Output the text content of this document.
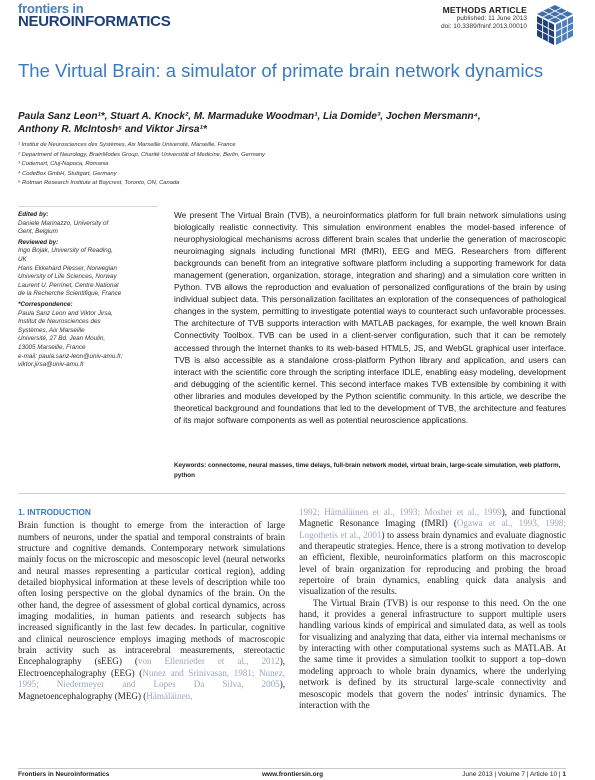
frontiers in
NEUROINFORMATICS
METHODS ARTICLE
published: 11 June 2013
doi: 10.3389/fninf.2013.00010
The Virtual Brain: a simulator of primate brain network dynamics
Paula Sanz Leon¹*, Stuart A. Knock², M. Marmaduke Woodman¹, Lia Domide³, Jochen Mersmann⁴,
Anthony R. McIntosh⁵ and Viktor Jirsa¹*
¹ Institut de Neurosciences des Systèmes, Aix Marseille Université, Marseille, France
² Department of Neurology, BrainModes Group, Charité Universität of Medicine, Berlin, Germany
³ Codemart, Cluj-Napoca, Romania
⁴ CodeBox GmbH, Stuttgart, Germany
⁵ Rotman Research Institute at Baycrest, Toronto, ON, Canada
Edited by:
Daniele Marinazzo, University of
Gent, Belgium
Reviewed by:
Ingo Bojak, University of Reading,
UK
Hans Ekkehard Plesser, Norwegian
University of Life Sciences, Norway
Laurent U. Perrinet, Centre National
de la Recherche Scientifique, France
*Correspondence:
Paula Sanz Leon and Viktor Jirsa,
Institut de Neurosciences des
Systèmes, Aix Marseille
Université, 27 Bd. Jean Moulin,
13005 Marseille, France
e-mail: paula.sanz-leon@univ-amu.fr;
viktor.jirsa@univ-amu.fr
We present The Virtual Brain (TVB), a neuroinformatics platform for full brain network simulations using biologically realistic connectivity. This simulation environment enables the model-based inference of neurophysiological mechanisms across different brain scales that underlie the generation of macroscopic neuroimaging signals including functional MRI (fMRI), EEG and MEG. Researchers from different backgrounds can benefit from an integrative software platform including a supporting framework for data management (generation, organization, storage, integration and sharing) and a simulation core written in Python. TVB allows the reproduction and evaluation of personalized configurations of the brain by using individual subject data. This personalization facilitates an exploration of the consequences of pathological changes in the system, permitting to investigate potential ways to counteract such unfavorable processes. The architecture of TVB supports interaction with MATLAB packages, for example, the well known Brain Connectivity Toolbox. TVB can be used in a client-server configuration, such that it can be remotely accessed through the Internet thanks to its web-based HTML5, JS, and WebGL graphical user interface. TVB is also accessible as a standalone cross-platform Python library and application, and users can interact with the scientific core through the scripting interface IDLE, enabling easy modeling, development and debugging of the scientific kernel. This second interface makes TVB extensible by combining it with other libraries and modules developed by the Python scientific community. In this article, we describe the theoretical background and foundations that led to the development of TVB, the architecture and features of its major software components as well as potential neuroscience applications.
Keywords: connectome, neural masses, time delays, full-brain network model, virtual brain, large-scale simulation, web platform, python
1. INTRODUCTION

Brain function is thought to emerge from the interaction of large numbers of neurons, under the spatial and temporal constraints of brain structure and cognitive demands. Contemporary network simulations mainly focus on the microscopic and mesoscopic level (neural networks and neural masses representing a particular cortical region), adding detailed biophysical information at these levels of description while too often losing perspective on the global dynamics of the brain. On the other hand, the degree of assessment of global cortical dynamics, across imaging modalities, in human patients and research subjects has increased significantly in the last few decades. In particular, cognitive and clinical neuroscience employs imaging methods of macroscopic brain activity such as intracerebral measurements, stereotactic Encephalography (sEEG) (von Ellenrieder et al., 2012), Electroencephalography (EEG) (Nunez and Srinivasan, 1981; Nunez, 1995; Niedermeyer and Lopes Da Silva, 2005), Magnetoencephalography (MEG) (Hämäläinen,

1992; Hämäläinen et al., 1993; Mosher et al., 1999), and functional Magnetic Resonance Imaging (fMRI) (Ogawa et al., 1993, 1998; Logothetis et al., 2001) to assess brain dynamics and evaluate diagnostic and therapeutic strategies. Hence, there is a strong motivation to develop an efficient, flexible, neuroinformatics platform on this macroscopic level of brain organization for reproducing and probing the broad repertoire of brain dynamics, enabling quick data analysis and visualization of the results.

The Virtual Brain (TVB) is our response to this need. On the one hand, it provides a general infrastructure to support multiple users handling various kinds of empirical and simulated data, as well as tools for visualizing and analyzing that data, either via internal mechanisms or by interacting with other computational systems such as MATLAB. At the same time it provides a simulation toolkit to support a top–down modeling approach to whole brain dynamics, where the underlying network is defined by its structural large-scale connectivity and mesoscopic models that govern the nodes' intrinsic dynamics. The interaction with the

Frontiers in Neuroinformatics	www.frontiersin.org	June 2013 | Volume 7 | Article 10 | 1
